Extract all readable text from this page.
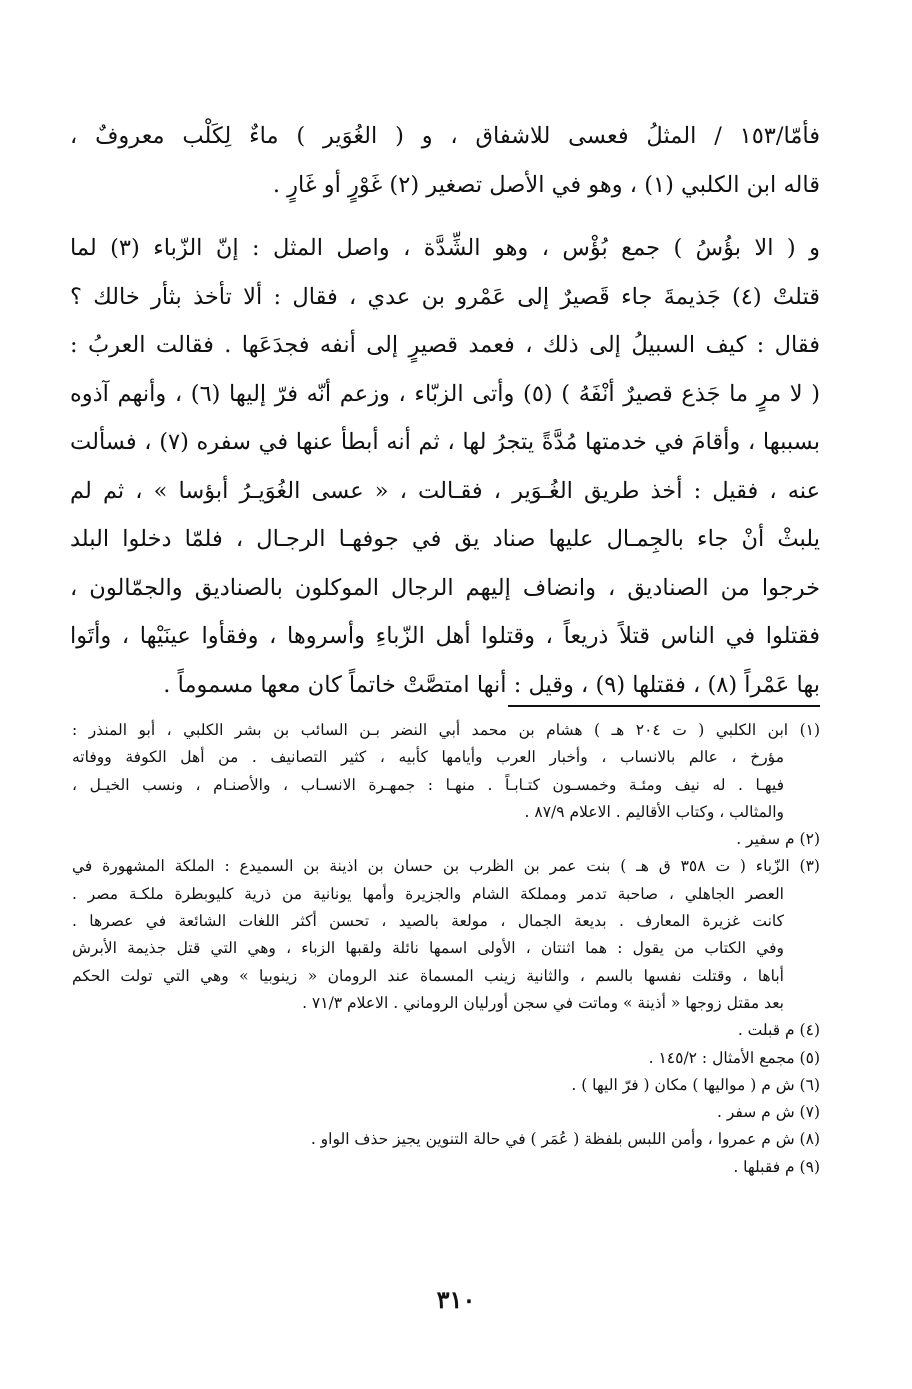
فأمّا/١٥٣ / المثلُ فعسى للاشفاق ، و ( الغُوَير ) ماءٌ لِكَلْب معروفٌ ،
قاله ابن الكلبي (١) ، وهو في الأصل تصغير (٢) غَوْرٍ أو غَارٍ .
و ( الا بؤُسُ ) جمع بُؤْس ، وهو الشِّدَّة ، واصل المثل : إنّ الزّباء (٣) لما
قتلتْ (٤) جَذيمةَ جاء قَصيرٌ إلى عَمْرو بن عدي ، فقال : ألا تأخذ بثأر خالك ؟
فقال : كيف السبيلُ إلى ذلك ، فعمد قصيرٍ إلى أنفه فجدَعَها . فقالت العربُ :
( لا مرٍ ما جَذع قصيرٌ أنْفَهُ ) (٥) وأتى الزبّاء ، وزعم أنّه فرّ إليها (٦) ، وأنهم آذوه
بسببها ، وأقامَ في خدمتها مُدَّةً يتجرُ لها ، ثم أنه أبطأ عنها في سفره (٧) ، فسألت
عنه ، فقيل : أخذ طريق الغُـوَير ، فقـالت ، « عسى الغُوَيـرُ أبؤسا » ، ثم لم
يلبثْ أنْ جاء بالجِمـال عليها صناد يق في جوفهـا الرجـال ، فلمّا دخلوا البلد
خرجوا من الصناديق ، وانضاف إليهم الرجال الموكلون بالصناديق والجمّالون ،
فقتلوا في الناس قتلاً ذريعاً ، وقتلوا أهل الزّباءِ وأسروها ، وفقأوا عينَيْها ، وأتَوا
بها عَمْراً (٨) ، فقتلها (٩) ، وقيل : أنها امتصَّتْ خاتماً كان معها مسموماً .
(١) ابن الكلبي ( ت ٢٠٤ هـ ) هشام بن محمد أبي النضر بـن السائب بن بشر الكلبي ، أبو المنذر :
مؤرخ ، عالم بالانساب ، وأخبار العرب وأيامها كأبيه ، كثير التصانيف . من أهل الكوفة ووفاته
فيهـا . له نيف ومئـة وخمسـون كتـابـاً . منهـا : جمهـرة الانسـاب ، والأصنـام ، ونسب الخيـل ،
والمثالب ، وكتاب الأقاليم . الاعلام ٨٧/٩ .
(٢) م سفير .
(٣) الزّباء ( ت ٣٥٨ ق هـ ) بنت عمر بن الظرب بن حسان بن اذينة بن السميدع : الملكة المشهورة في
العصر الجاهلي ، صاحبة تدمر ومملكة الشام والجزيرة وأمها يونانية من ذرية كليوبطرة ملكـة مصر .
كانت غزيرة المعارف . بديعة الجمال ، مولعة بالصيد ، تحسن أكثر اللغات الشائعة في عصرها .
وفي الكتاب من يقول : هما اثنتان ، الأولى اسمها نائلة ولقبها الزباء ، وهي التي قتل جذيمة الأبرش
أباها ، وقتلت نفسها بالسم ، والثانية زينب المسماة عند الرومان « زينوبيا » وهي التي تولت الحكم
بعد مقتل زوجها « أذينة » وماتت في سجن أورليان الروماني . الاعلام ٧١/٣ .
(٤) م قبلت .
(٥) مجمع الأمثال : ١٤٥/٢ .
(٦) ش م ( مواليها ) مكان ( فرّ اليها ) .
(٧) ش م سفر .
(٨) ش م عمروا ، وأمن اللبس بلفظة ( عُمَر ) في حالة التنوين يجيز حذف الواو .
(٩) م فقبلها .
٣١٠
